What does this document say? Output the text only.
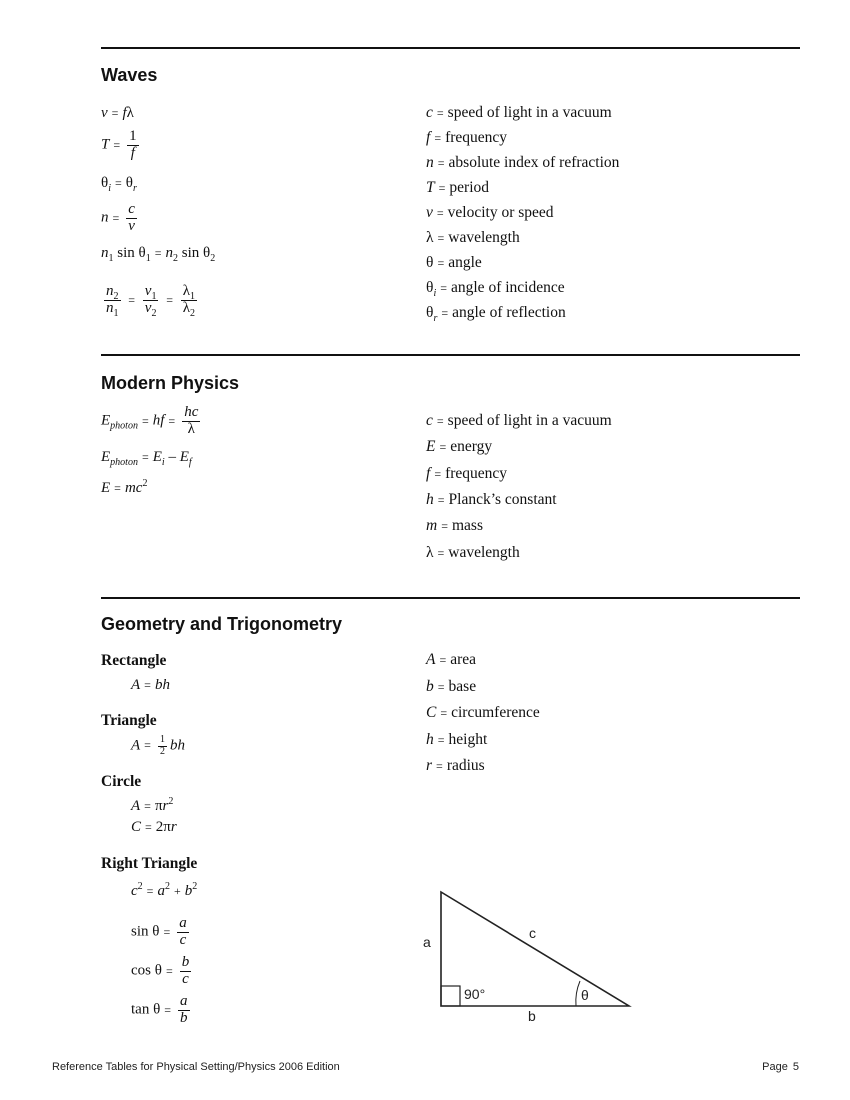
Waves
v = fλ
$T = \frac{1}{f}$
$\theta_i = \theta_r$
$n = \frac{c}{v}$
$n_1$ $\sin \theta_1 = n_2$ $\sin \theta_2$
$\frac{n_2}{n_1} = \frac{v_1}{v_2} = \frac{\lambda_1}{\lambda_2}$
c = speed of light in a vacuum
f = frequency
n = absolute index of refraction
T = period
v = velocity or speed
λ = wavelength
θ = angle
$\theta_i$ = angle of incidence
$\theta_r$ = angle of reflection
Modern Physics
$E_{photon}$ = hf = $\frac{hc}{\lambda}$
$E_{photon} = E_i - E_f$
$E = mc^2$
c = speed of light in a vacuum
E = energy
f = frequency
h = Planck’s constant
m = mass
λ = wavelength
Geometry and Trigonometry
Rectangle
A = bh
Triangle
$A = \frac{1}{2}$ bh
Circle
$A = \pi r^2$
C = 2πr
Right Triangle
$c^2 = a^2 + b^2$
$\sin \theta = \frac{a}{c}$
$\cos \theta = \frac{b}{c}$
$\tan \theta = \frac{a}{b}$
A = area
b = base
C = circumference
h = height
r = radius
a
b
c
θ
90°
Reference Tables for Physical Setting/Physics 2006 Edition	Page 5
